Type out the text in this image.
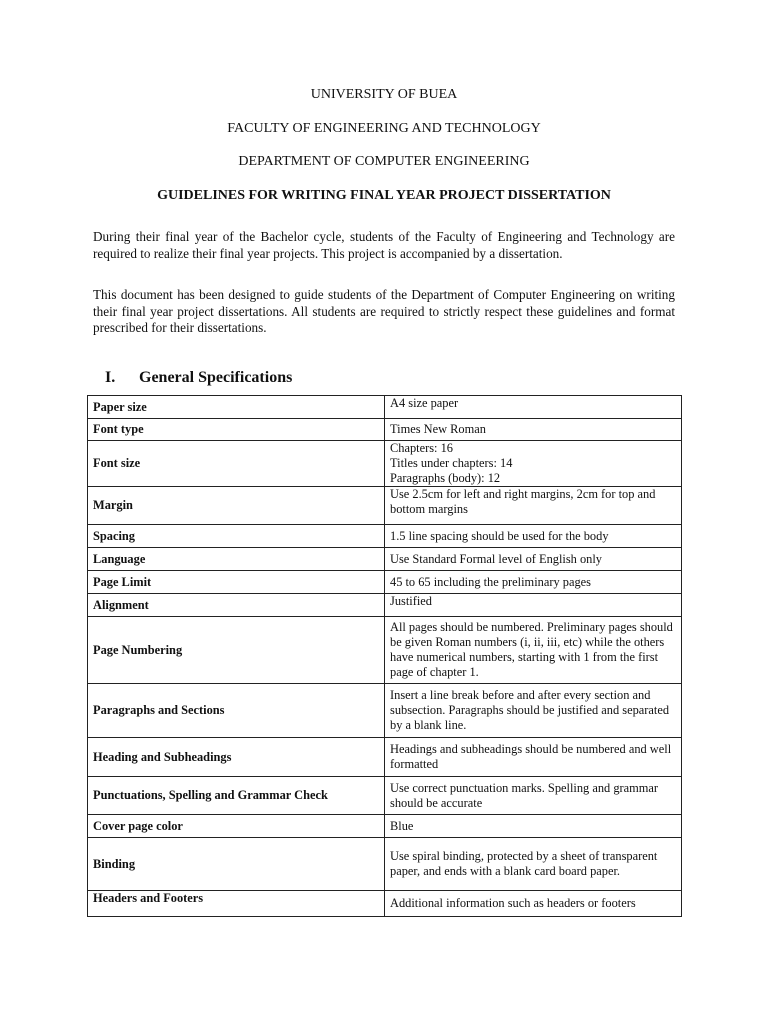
UNIVERSITY OF BUEA
FACULTY OF ENGINEERING AND TECHNOLOGY
DEPARTMENT OF COMPUTER ENGINEERING
GUIDELINES FOR WRITING FINAL YEAR PROJECT DISSERTATION
During their final year of the Bachelor cycle, students of the Faculty of Engineering and Technology are required to realize their final year projects. This project is accompanied by a dissertation.
This document has been designed to guide students of the Department of Computer Engineering on writing their final year project dissertations. All students are required to strictly respect these guidelines and format prescribed for their dissertations.
I. General Specifications
Paper size	A4 size paper
Font type	Times New Roman
Font size	Chapters: 16
Titles under chapters: 14
Paragraphs (body): 12

Margin	Use 2.5cm for left and right margins, 2cm for top and bottom margins
Spacing	1.5 line spacing should be used for the body
Language	Use Standard Formal level of English only
Page Limit	45 to 65 including the preliminary pages
Alignment	Justified
Page Numbering	All pages should be numbered. Preliminary pages should be given Roman numbers (i, ii, iii, etc) while the others have numerical numbers, starting with 1 from the first page of chapter 1.
Paragraphs and Sections	Insert a line break before and after every section and subsection. Paragraphs should be justified and separated by a blank line.
Heading and Subheadings	Headings and subheadings should be numbered and well formatted
Punctuations, Spelling and Grammar Check	Use correct punctuation marks. Spelling and grammar should be accurate
Cover page color	Blue
Binding	Use spiral binding, protected by a sheet of transparent paper, and ends with a blank card board paper.
Headers and Footers	Additional information such as headers or footers
